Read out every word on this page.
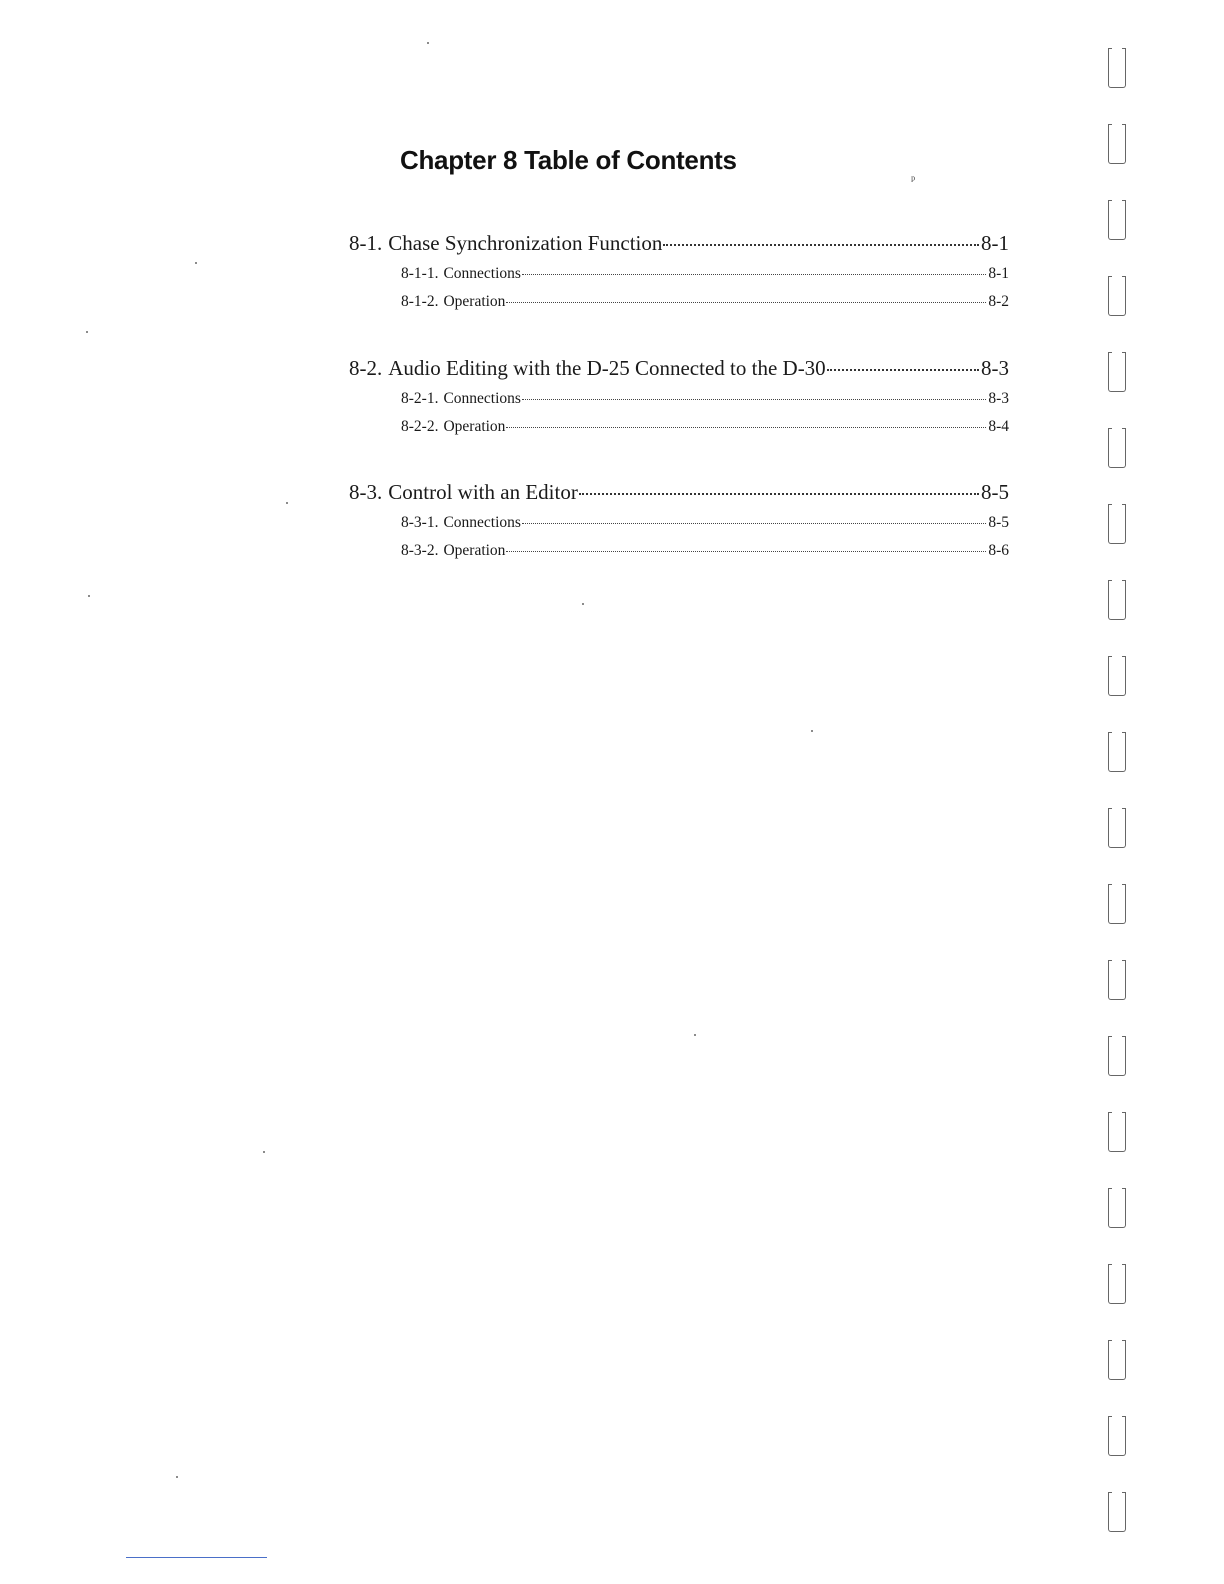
Chapter 8 Table of Contents
ᵖ
8-1. Chase Synchronization Function	8-1
8-1-1. Connections	8-1
8-1-2. Operation	8-2
8-2. Audio Editing with the D-25 Connected to the D-30	8-3
8-2-1. Connections	8-3
8-2-2. Operation	8-4
8-3. Control with an Editor	8-5
8-3-1. Connections	8-5
8-3-2. Operation	8-6
